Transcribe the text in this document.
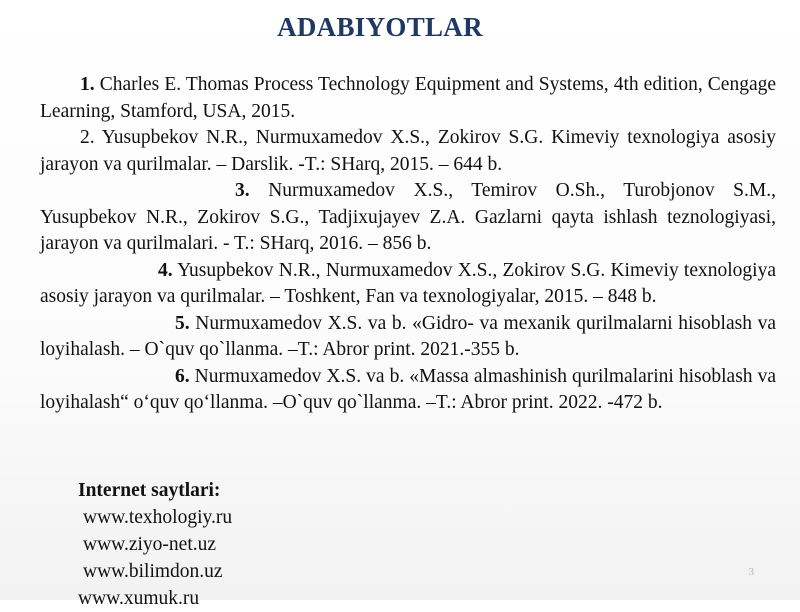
ADABIYOTLAR

1. Charles E. Thomas Process Technology Equipment and Systems, 4th edition, Cengage Learning, Stamford, USA, 2015.

2. Yusupbekov N.R., Nurmuxamedov X.S., Zokirov S.G. Kimeviy texnologiya asosiy jarayon va qurilmalar. – Darslik. -T.: SHarq, 2015. – 644 b.

3. Nurmuxamedov X.S., Temirov O.Sh., Turobjonov S.M., Yusupbekov N.R., Zokirov S.G., Tadjixujayev Z.A. Gazlarni qayta ishlash teznologiyasi, jarayon va qurilmalari. - T.: SHarq, 2016. – 856 b.

4. Yusupbekov N.R., Nurmuxamedov X.S., Zokirov S.G. Kimeviy texnologiya asosiy jarayon va qurilmalar. – Toshkent, Fan va texnologiyalar, 2015. – 848 b.

5. Nurmuxamedov X.S. va b. «Gidro- va mexanik qurilmalarni hisoblash va loyihalash. – O`quv qo`llanma. –T.: Abror print. 2021.-355 b.

6. Nurmuxamedov X.S. va b. «Massa almashinish qurilmalarini hisoblash va loyihalash“ o‘quv qo‘llanma. –O`quv qo`llanma. –T.: Abror print. 2022. -472 b.

Internet saytlari:

www.texhologiy.ru

www.ziyo-net.uz

www.bilimdon.uz

www.xumuk.ru

3
